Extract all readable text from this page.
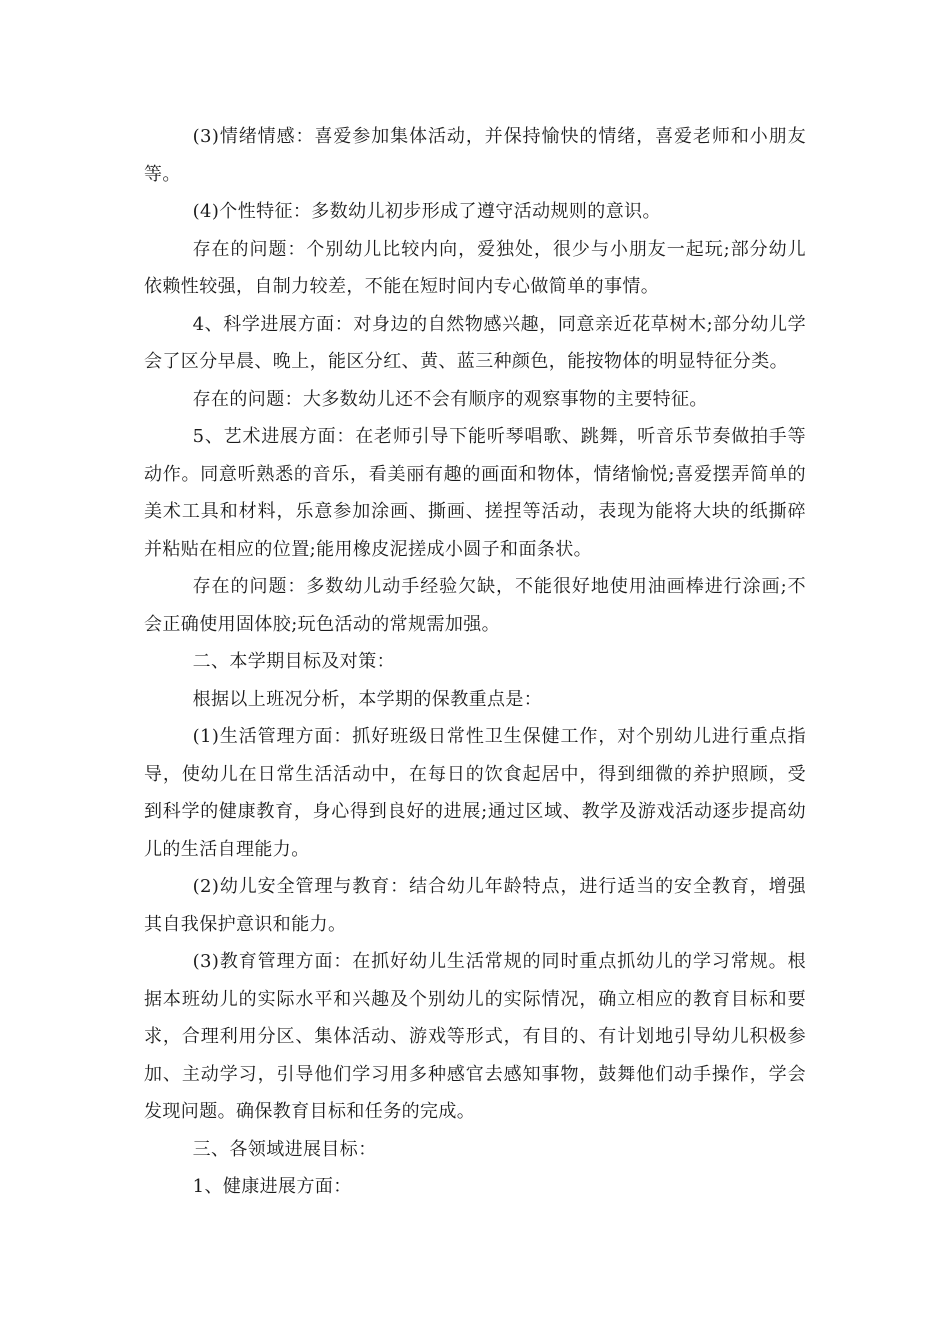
(3)情绪情感：喜爱参加集体活动，并保持愉快的情绪，喜爱老师和小朋友等。

(4)个性特征：多数幼儿初步形成了遵守活动规则的意识。

存在的问题：个别幼儿比较内向，爱独处，很少与小朋友一起玩;部分幼儿依赖性较强，自制力较差，不能在短时间内专心做简单的事情。

4、科学进展方面：对身边的自然物感兴趣，同意亲近花草树木;部分幼儿学会了区分早晨、晚上，能区分红、黄、蓝三种颜色，能按物体的明显特征分类。

存在的问题：大多数幼儿还不会有顺序的观察事物的主要特征。

5、艺术进展方面：在老师引导下能听琴唱歌、跳舞，听音乐节奏做拍手等动作。同意听熟悉的音乐，看美丽有趣的画面和物体，情绪愉悦;喜爱摆弄简单的美术工具和材料，乐意参加涂画、撕画、搓捏等活动，表现为能将大块的纸撕碎并粘贴在相应的位置;能用橡皮泥搓成小圆子和面条状。

存在的问题：多数幼儿动手经验欠缺，不能很好地使用油画棒进行涂画;不会正确使用固体胶;玩色活动的常规需加强。

二、本学期目标及对策：

根据以上班况分析，本学期的保教重点是：

(1)生活管理方面：抓好班级日常性卫生保健工作，对个别幼儿进行重点指导，使幼儿在日常生活活动中，在每日的饮食起居中，得到细微的养护照顾，受到科学的健康教育，身心得到良好的进展;通过区域、教学及游戏活动逐步提高幼儿的生活自理能力。

(2)幼儿安全管理与教育：结合幼儿年龄特点，进行适当的安全教育，增强其自我保护意识和能力。

(3)教育管理方面：在抓好幼儿生活常规的同时重点抓幼儿的学习常规。根据本班幼儿的实际水平和兴趣及个别幼儿的实际情况，确立相应的教育目标和要求，合理利用分区、集体活动、游戏等形式，有目的、有计划地引导幼儿积极参加、主动学习，引导他们学习用多种感官去感知事物，鼓舞他们动手操作，学会发现问题。确保教育目标和任务的完成。

三、各领域进展目标：

1、健康进展方面：
